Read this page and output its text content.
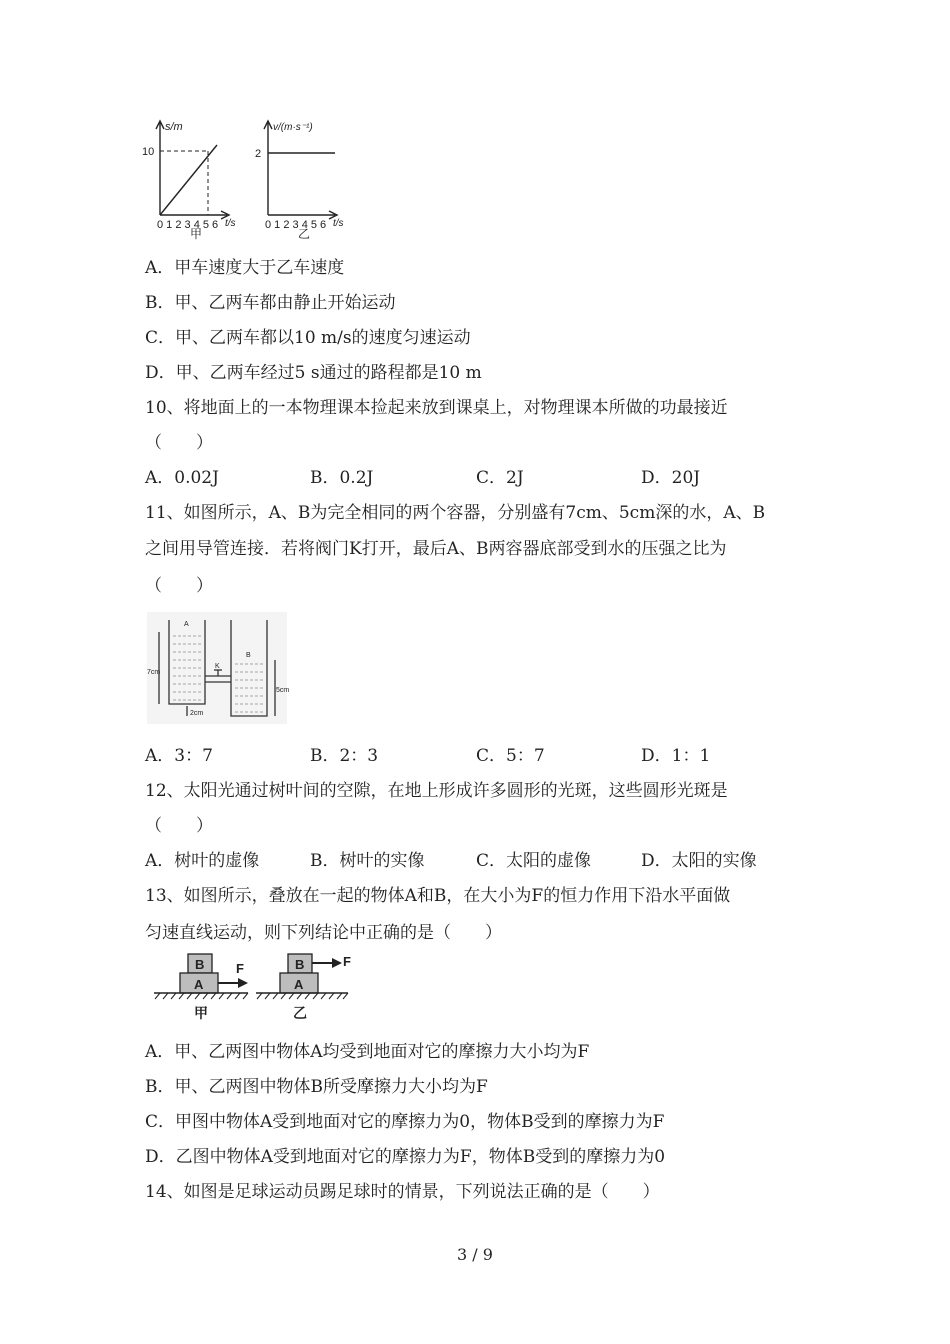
s/m
10
0 1 2 3 4 5 6 t/s
甲
v/(m·s⁻¹)
2
0 1 2 3 4 5 6 t/s
乙
A．甲车速度大于乙车速度
B．甲、乙两车都由静止开始运动
C．甲、乙两车都以10 m/s的速度匀速运动
D．甲、乙两车经过5 s通过的路程都是10 m
10、将地面上的一本物理课本捡起来放到课桌上，对物理课本所做的功最接近
（　　）
A．0.02J	B．0.2J	C．2J	D．20J
11、如图所示，A、B为完全相同的两个容器，分别盛有7cm、5cm深的水，A、B
之间用导管连接．若将阀门K打开，最后A、B两容器底部受到水的压强之比为
（　　）
A
B
K
7cm
5cm
2cm
A．3：7	B．2：3	C．5：7	D．1：1
12、太阳光通过树叶间的空隙，在地上形成许多圆形的光斑，这些圆形光斑是
（　　）
A．树叶的虚像	B．树叶的实像	C．太阳的虚像	D．太阳的实像
13、如图所示，叠放在一起的物体A和B，在大小为F的恒力作用下沿水平面做
匀速直线运动，则下列结论中正确的是（　　）
B
A
F	B
A
F
甲	乙
A．甲、乙两图中物体A均受到地面对它的摩擦力大小均为F
B．甲、乙两图中物体B所受摩擦力大小均为F
C．甲图中物体A受到地面对它的摩擦力为0，物体B受到的摩擦力为F
D．乙图中物体A受到地面对它的摩擦力为F，物体B受到的摩擦力为0
14、如图是足球运动员踢足球时的情景，下列说法正确的是（　　）
3 / 9
